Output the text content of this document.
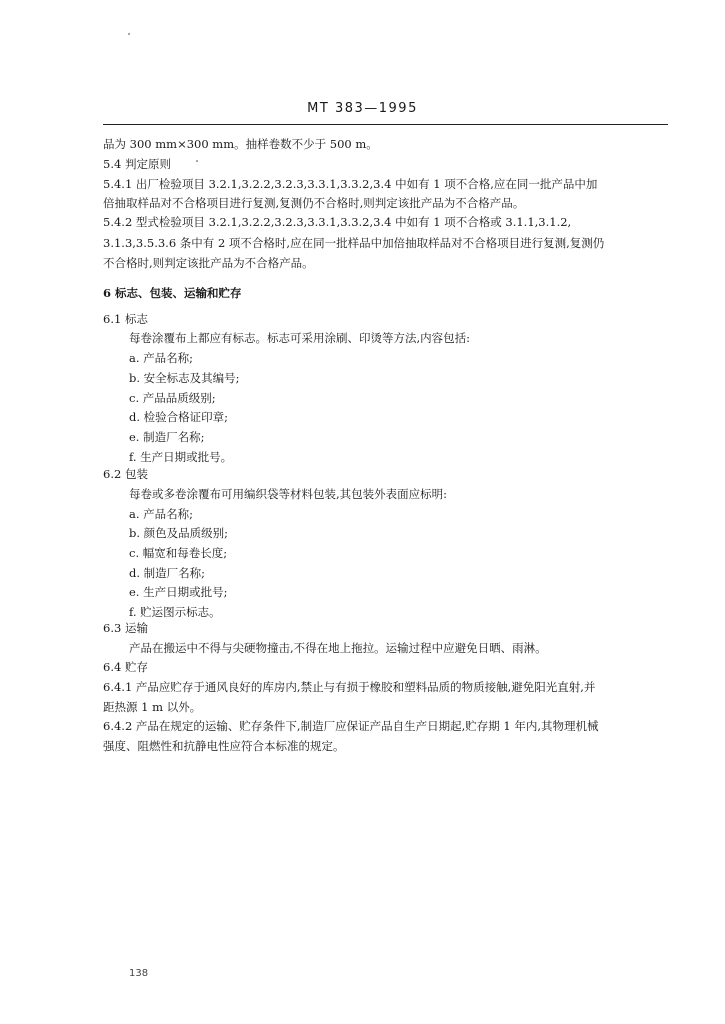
MT 383—1995
品为 300 mm×300 mm。抽样卷数不少于 500 m。
5.4 判定原则
5.4.1 出厂检验项目 3.2.1,3.2.2,3.2.3,3.3.1,3.3.2,3.4 中如有 1 项不合格,应在同一批产品中加
倍抽取样品对不合格项目进行复测,复测仍不合格时,则判定该批产品为不合格产品。
5.4.2 型式检验项目 3.2.1,3.2.2,3.2.3,3.3.1,3.3.2,3.4 中如有 1 项不合格或 3.1.1,3.1.2,
3.1.3,3.5.3.6 条中有 2 项不合格时,应在同一批样品中加倍抽取样品对不合格项目进行复测,复测仍
不合格时,则判定该批产品为不合格产品。
6 标志、包装、运输和贮存
6.1 标志
每卷涂覆布上都应有标志。标志可采用涂刷、印烫等方法,内容包括:
a. 产品名称;
b. 安全标志及其编号;
c. 产品品质级别;
d. 检验合格证印章;
e. 制造厂名称;
f. 生产日期或批号。
6.2 包装
每卷或多卷涂覆布可用编织袋等材料包装,其包装外表面应标明:
a. 产品名称;
b. 颜色及品质级别;
c. 幅宽和每卷长度;
d. 制造厂名称;
e. 生产日期或批号;
f. 贮运图示标志。
6.3 运输
产品在搬运中不得与尖硬物撞击,不得在地上拖拉。运输过程中应避免日晒、雨淋。
6.4 贮存
6.4.1 产品应贮存于通风良好的库房内,禁止与有损于橡胶和塑料品质的物质接触,避免阳光直射,并
距热源 1 m 以外。
6.4.2 产品在规定的运输、贮存条件下,制造厂应保证产品自生产日期起,贮存期 1 年内,其物理机械
强度、阻燃性和抗静电性应符合本标准的规定。
138
